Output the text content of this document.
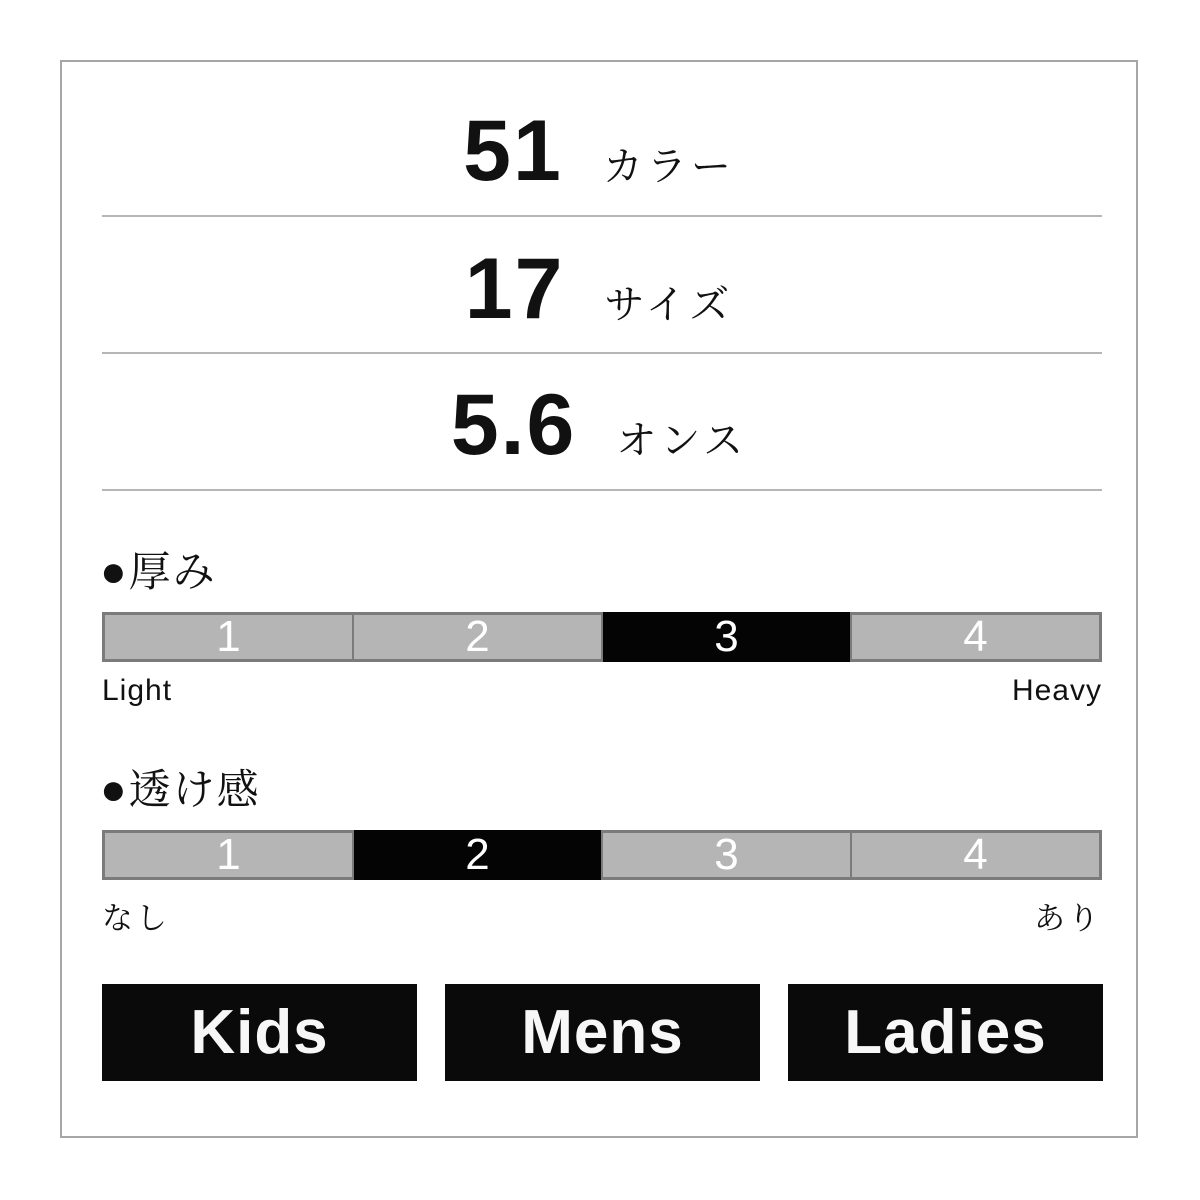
51 カラー
17 サイズ
5.6 オンス
● 厚み
1	2	3	4
Light	Heavy
● 透け感
1	2	3	4
なし	あり
Kids	Mens	Ladies
